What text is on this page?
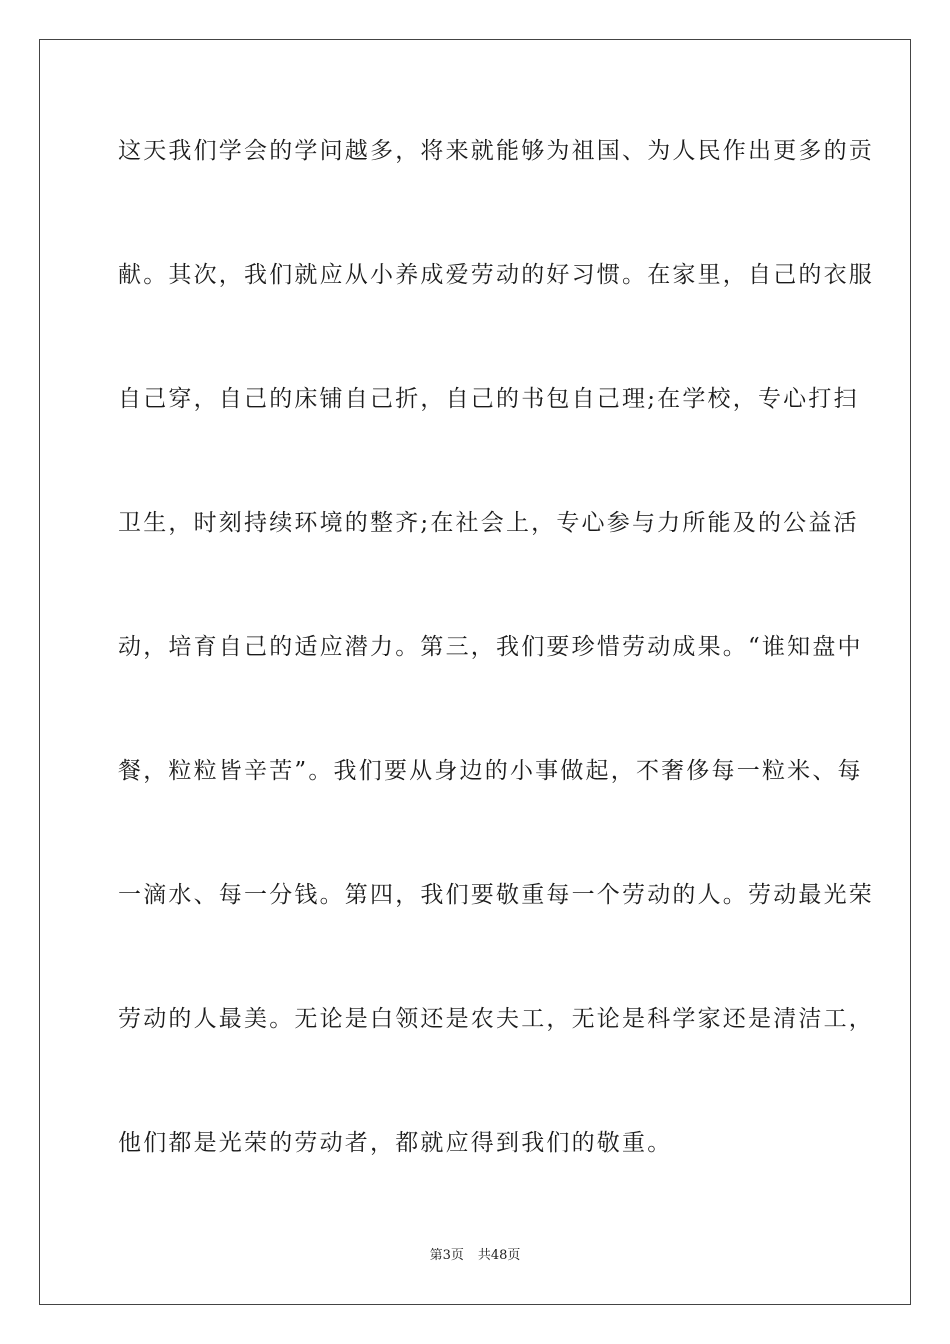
这天我们学会的学问越多，将来就能够为祖国、为人民作出更多的贡
献。其次，我们就应从小养成爱劳动的好习惯。在家里，自己的衣服
自己穿，自己的床铺自己折，自己的书包自己理;在学校，专心打扫
卫生，时刻持续环境的整齐;在社会上，专心参与力所能及的公益活
动，培育自己的适应潜力。第三，我们要珍惜劳动成果。“谁知盘中
餐，粒粒皆辛苦”。我们要从身边的小事做起，不奢侈每一粒米、每
一滴水、每一分钱。第四，我们要敬重每一个劳动的人。劳动最光荣
劳动的人最美。无论是白领还是农夫工，无论是科学家还是清洁工，
他们都是光荣的劳动者，都就应得到我们的敬重。
第3页 共48页
